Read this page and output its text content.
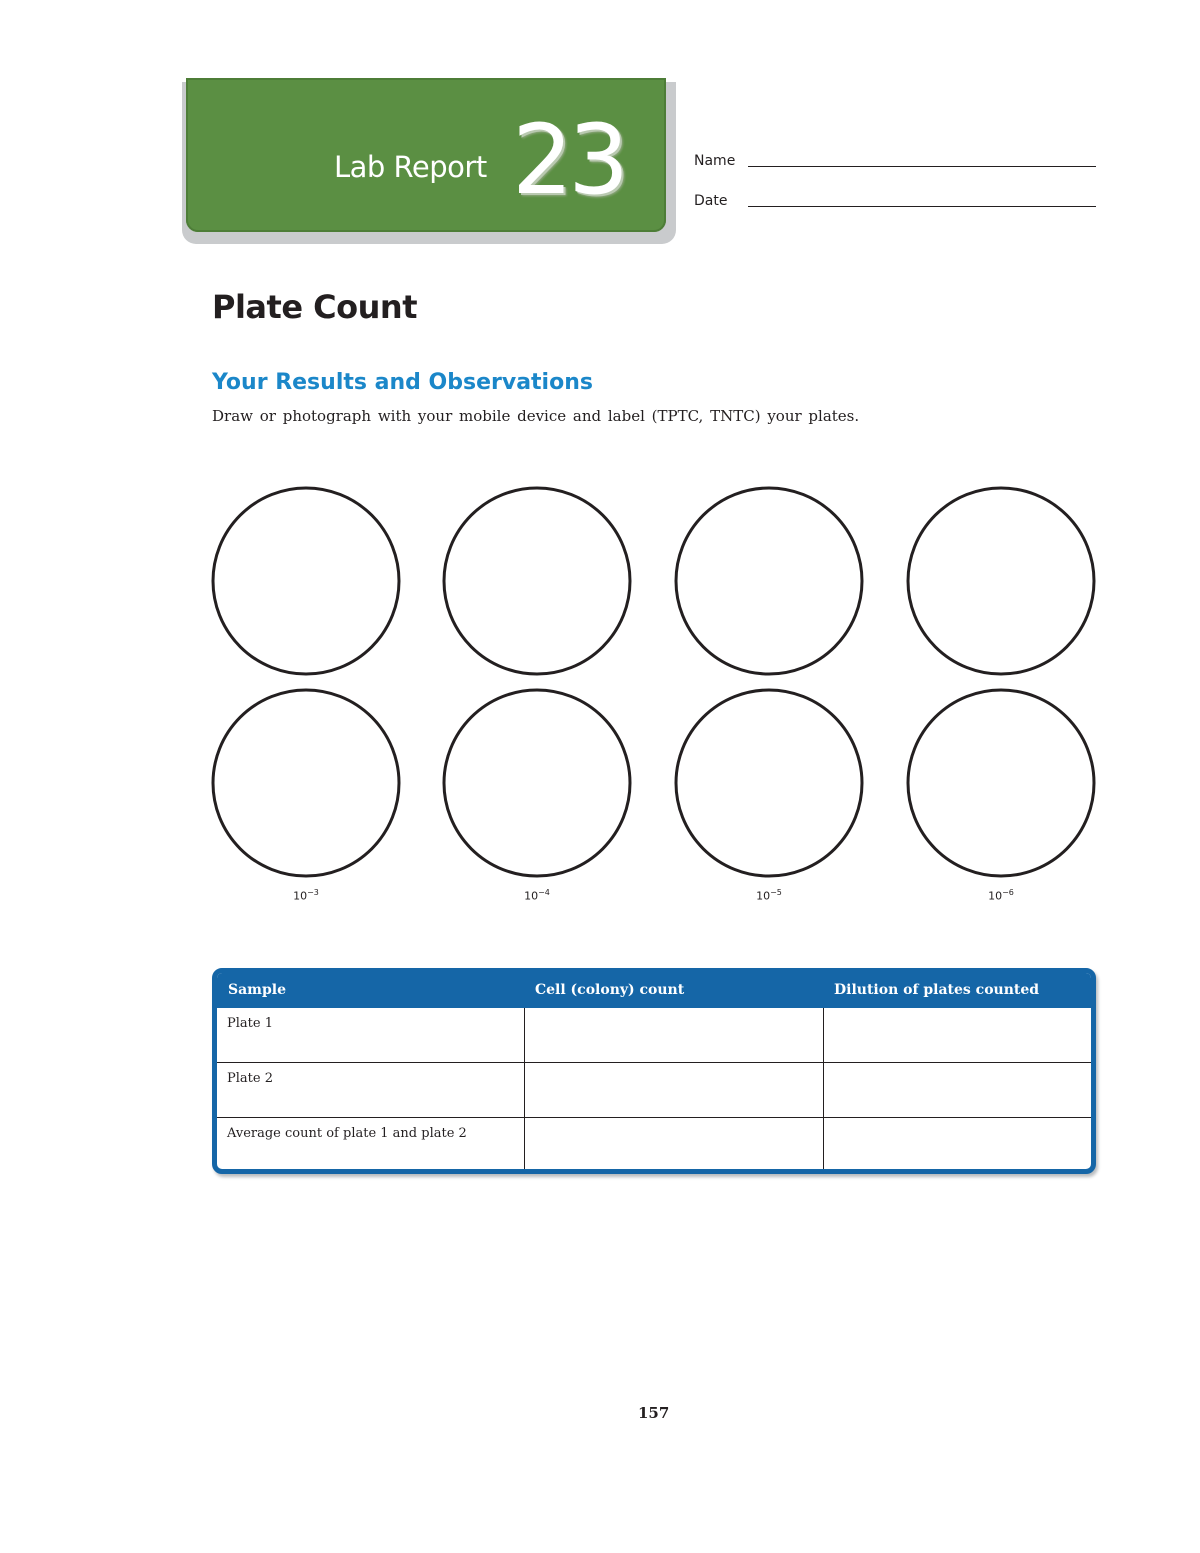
Lab Report 23	Name
Date
Plate Count
Your Results and Observations
Draw or photograph with your mobile device and label (TPTC, TNTC) your plates.
$10^{-3}$	$10^{-4}$	$10^{-5}$	$10^{-6}$
Sample	Cell (colony) count	Dilution of plates counted
Plate 1		
Plate 2		
Average count of plate 1 and plate 2		
157
